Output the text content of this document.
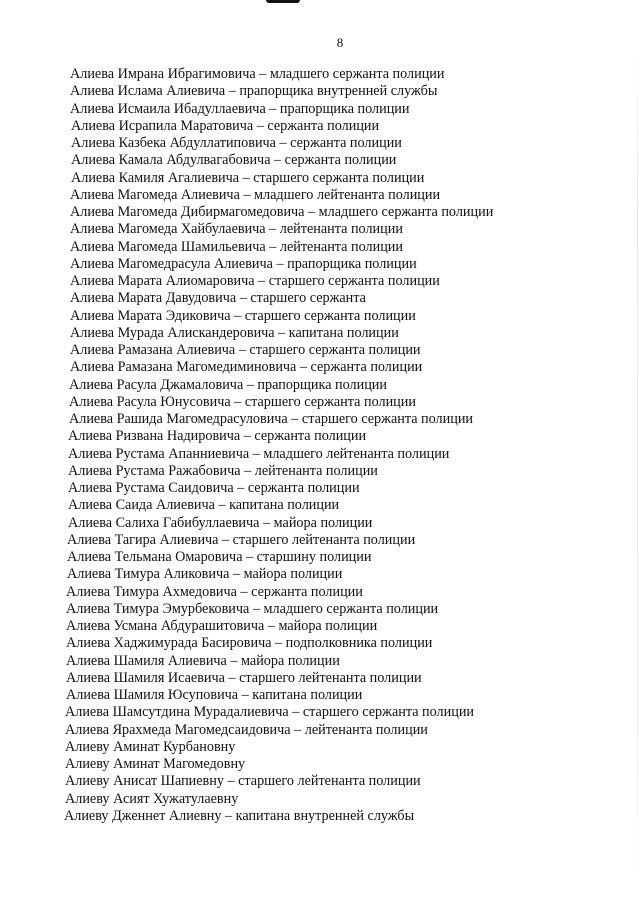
8
Алиева Имрана Ибрагимовича – младшего сержанта полиции
Алиева Ислама Алиевича – прапорщика внутренней службы
Алиева Исмаила Ибадуллаевича – прапорщика полиции
Алиева Исрапила Маратовича – сержанта полиции
Алиева Казбека Абдуллатиповича – сержанта полиции
Алиева Камала Абдулвагабовича – сержанта полиции
Алиева Камиля Агалиевича – старшего сержанта полиции
Алиева Магомеда Алиевича – младшего лейтенанта полиции
Алиева Магомеда Дибирмагомедовича – младшего сержанта полиции
Алиева Магомеда Хайбулаевича – лейтенанта полиции
Алиева Магомеда Шамильевича – лейтенанта полиции
Алиева Магомедрасула Алиевича – прапорщика полиции
Алиева Марата Алиомаровича – старшего сержанта полиции
Алиева Марата Давудовича – старшего сержанта
Алиева Марата Эдиковича – старшего сержанта полиции
Алиева Мурада Алискандеровича – капитана полиции
Алиева Рамазана Алиевича – старшего сержанта полиции
Алиева Рамазана Магомедиминовича – сержанта полиции
Алиева Расула Джамаловича – прапорщика полиции
Алиева Расула Юнусовича – старшего сержанта полиции
Алиева Рашида Магомедрасуловича – старшего сержанта полиции
Алиева Ризвана Надировича – сержанта полиции
Алиева Рустама Апанниевича – младшего лейтенанта полиции
Алиева Рустама Ражабовича – лейтенанта полиции
Алиева Рустама Саидовича – сержанта полиции
Алиева Саида Алиевича – капитана полиции
Алиева Салиха Габибуллаевича – майора полиции
Алиева Тагира Алиевича – старшего лейтенанта полиции
Алиева Тельмана Омаровича – старшину полиции
Алиева Тимура Аликовича – майора полиции
Алиева Тимура Ахмедовича – сержанта полиции
Алиева Тимура Эмурбековича – младшего сержанта полиции
Алиева Усмана Абдурашитовича – майора полиции
Алиева Хаджимурада Басировича – подполковника полиции
Алиева Шамиля Алиевича – майора полиции
Алиева Шамиля Исаевича – старшего лейтенанта полиции
Алиева Шамиля Юсуповича – капитана полиции
Алиева Шамсутдина Мурадалиевича – старшего сержанта полиции
Алиева Ярахмеда Магомедсаидовича – лейтенанта полиции
Алиеву Аминат Курбановну
Алиеву Аминат Магомедовну
Алиеву Анисат Шапиевну – старшего лейтенанта полиции
Алиеву Асият Хужатулаевну
Алиеву Дженнет Алиевну – капитана внутренней службы
